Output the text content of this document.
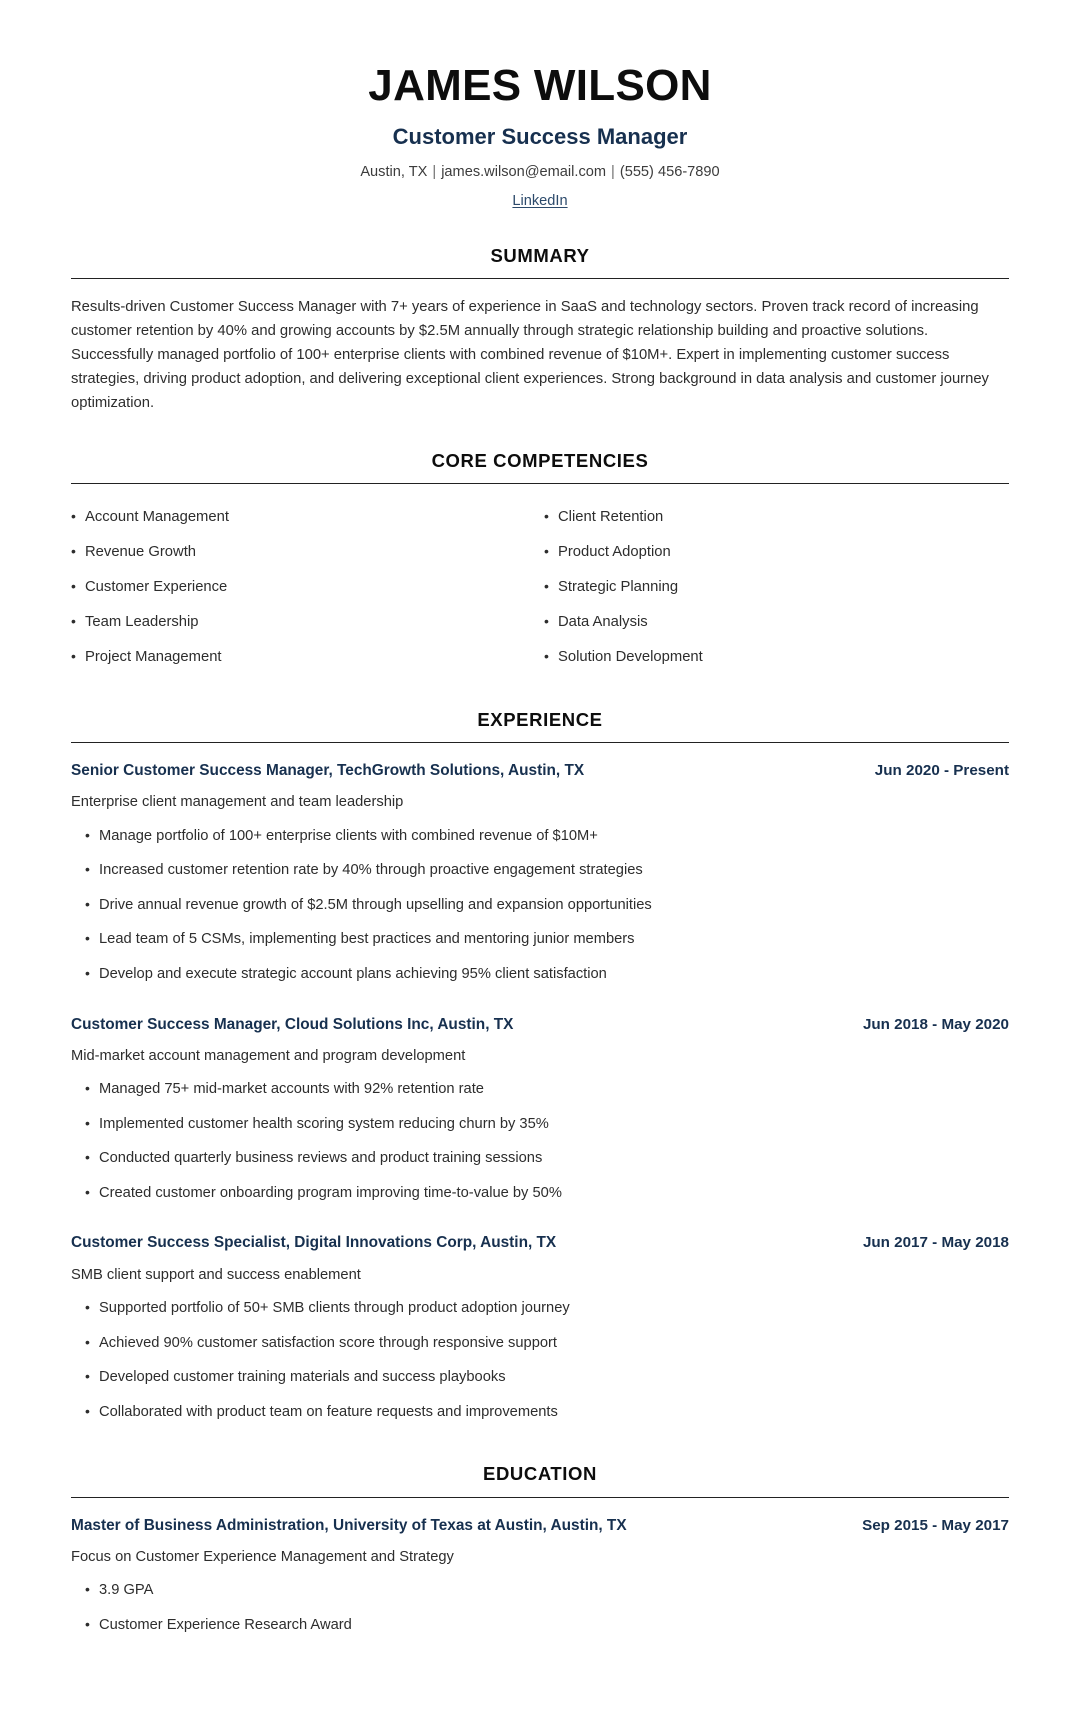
JAMES WILSON
Customer Success Manager
Austin, TX | james.wilson@email.com | (555) 456-7890
LinkedIn
SUMMARY

Results-driven Customer Success Manager with 7+ years of experience in SaaS and technology sectors. Proven track record of increasing customer retention by 40% and growing accounts by $2.5M annually through strategic relationship building and proactive solutions. Successfully managed portfolio of 100+ enterprise clients with combined revenue of $10M+. Expert in implementing customer success strategies, driving product adoption, and delivering exceptional client experiences. Strong background in data analysis and customer journey optimization.

CORE COMPETENCIES
• Account Management
• Revenue Growth
• Customer Experience
• Team Leadership
• Project Management
• Client Retention
• Product Adoption
• Strategic Planning
• Data Analysis
• Solution Development
EXPERIENCE
Senior Customer Success Manager, TechGrowth Solutions, Austin, TX	Jun 2020 - Present
Enterprise client management and team leadership
• Manage portfolio of 100+ enterprise clients with combined revenue of $10M+
• Increased customer retention rate by 40% through proactive engagement strategies
• Drive annual revenue growth of $2.5M through upselling and expansion opportunities
• Lead team of 5 CSMs, implementing best practices and mentoring junior members
• Develop and execute strategic account plans achieving 95% client satisfaction
Customer Success Manager, Cloud Solutions Inc, Austin, TX	Jun 2018 - May 2020
Mid-market account management and program development
• Managed 75+ mid-market accounts with 92% retention rate
• Implemented customer health scoring system reducing churn by 35%
• Conducted quarterly business reviews and product training sessions
• Created customer onboarding program improving time-to-value by 50%
Customer Success Specialist, Digital Innovations Corp, Austin, TX	Jun 2017 - May 2018
SMB client support and success enablement
• Supported portfolio of 50+ SMB clients through product adoption journey
• Achieved 90% customer satisfaction score through responsive support
• Developed customer training materials and success playbooks
• Collaborated with product team on feature requests and improvements
EDUCATION
Master of Business Administration, University of Texas at Austin, Austin, TX	Sep 2015 - May 2017
Focus on Customer Experience Management and Strategy
• 3.9 GPA
• Customer Experience Research Award
